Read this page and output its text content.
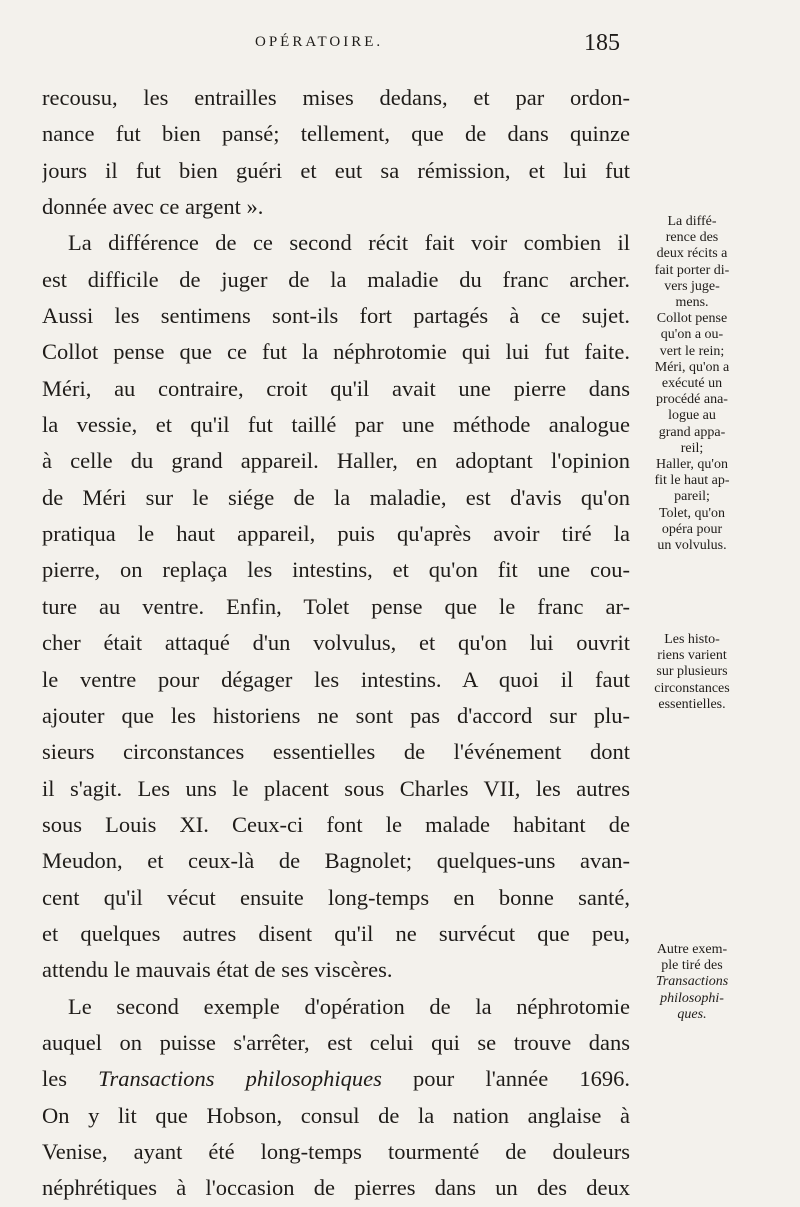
OPÉRATOIRE.	185
recousu, les entrailles mises dedans, et par ordon-
nance fut bien pansé; tellement, que de dans quinze
jours il fut bien guéri et eut sa rémission, et lui fut
donnée avec ce argent ».
La différence de ce second récit fait voir combien il
est difficile de juger de la maladie du franc archer.
Aussi les sentimens sont-ils fort partagés à ce sujet.
Collot pense que ce fut la néphrotomie qui lui fut faite.
Méri, au contraire, croit qu'il avait une pierre dans
la vessie, et qu'il fut taillé par une méthode analogue
à celle du grand appareil. Haller, en adoptant l'opinion
de Méri sur le siége de la maladie, est d'avis qu'on
pratiqua le haut appareil, puis qu'après avoir tiré la
pierre, on replaça les intestins, et qu'on fit une cou-
ture au ventre. Enfin, Tolet pense que le franc ar-
cher était attaqué d'un volvulus, et qu'on lui ouvrit
le ventre pour dégager les intestins. A quoi il faut
ajouter que les historiens ne sont pas d'accord sur plu-
sieurs circonstances essentielles de l'événement dont
il s'agit. Les uns le placent sous Charles VII, les autres
sous Louis XI. Ceux-ci font le malade habitant de
Meudon, et ceux-là de Bagnolet; quelques-uns avan-
cent qu'il vécut ensuite long-temps en bonne santé,
et quelques autres disent qu'il ne survécut que peu,
attendu le mauvais état de ses viscères.
Le second exemple d'opération de la néphrotomie
auquel on puisse s'arrêter, est celui qui se trouve dans
les Transactions philosophiques pour l'année 1696.
On y lit que Hobson, consul de la nation anglaise à
Venise, ayant été long-temps tourmenté de douleurs
néphrétiques à l'occasion de pierres dans un des deux
La diffé-
rence des
deux récits a
fait porter di-
vers juge-
mens.
Collot pense
qu'on a ou-
vert le rein;
Méri, qu'on a
exécuté un
procédé ana-
logue au
grand appa-
reil;
Haller, qu'on
fit le haut ap-
pareil;
Tolet, qu'on
opéra pour
un volvulus.
Les histo-
riens varient
sur plusieurs
circonstances
essentielles.
Autre exem-
ple tiré des
Transactions
philosophi-
ques.
